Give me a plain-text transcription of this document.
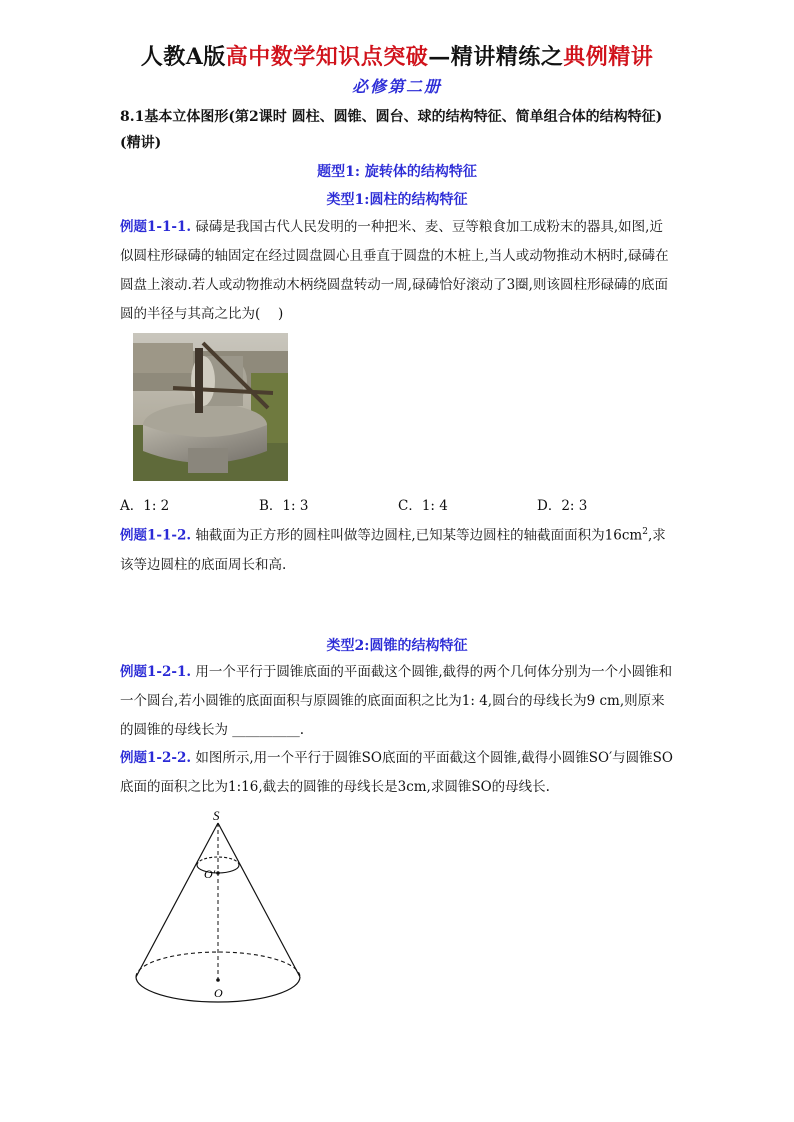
人教A版高中数学知识点突破—精讲精练之典例精讲
必修第二册
8.1基本立体图形(第2课时 圆柱、圆锥、圆台、球的结构特征、简单组合体的结构特征) (精讲)
题型1: 旋转体的结构特征
类型1:圆柱的结构特征
例题1-1-1. 碌碡是我国古代人民发明的一种把米、麦、豆等粮食加工成粉末的器具,如图,近似圆柱形碌碡的轴固定在经过圆盘圆心且垂直于圆盘的木桩上,当人或动物推动木柄时,碌碡在圆盘上滚动.若人或动物推动木柄绕圆盘转动一周,碌碡恰好滚动了3圈,则该圆柱形碌碡的底面圆的半径与其高之比为(　 )
A．1: 2	B．1: 3	C．1: 4	D．2: 3
例题1-1-2. 轴截面为正方形的圆柱叫做等边圆柱,已知某等边圆柱的轴截面面积为$16cm^2$,求该等边圆柱的底面周长和高.
类型2:圆锥的结构特征
例题1-2-1. 用一个平行于圆锥底面的平面截这个圆锥,截得的两个几何体分别为一个小圆锥和一个圆台,若小圆锥的底面面积与原圆锥的底面面积之比为1: 4,圆台的母线长为9 cm,则原来的圆锥的母线长为 __________.
例题1-2-2. 如图所示,用一个平行于圆锥SO底面的平面截这个圆锥,截得小圆锥SO′与圆锥SO底面的面积之比为1:16,截去的圆锥的母线长是3cm,求圆锥SO的母线长.
S
O′
O
